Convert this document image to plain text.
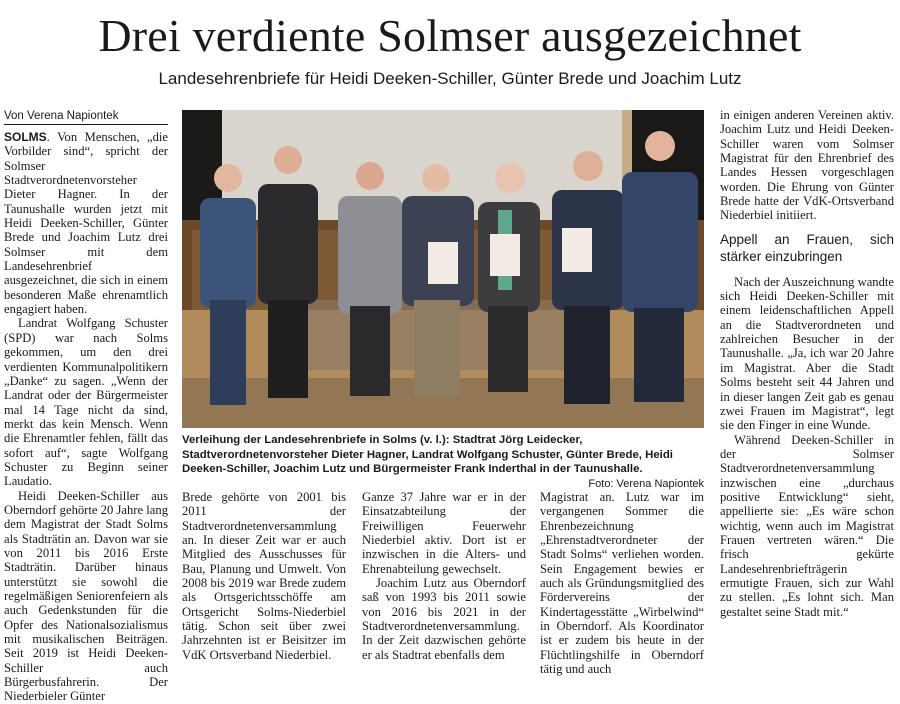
Drei verdiente Solmser ausgezeichnet
Landesehrenbriefe für Heidi Deeken-Schiller, Günter Brede und Joachim Lutz
Von Verena Napiontek

SOLMS. Von Menschen, „die Vorbilder sind“, spricht der Solmser Stadtverordnetenvorsteher Dieter Hagner. In der Taunushalle wurden jetzt mit Heidi Deeken-Schiller, Günter Brede und Joachim Lutz drei Solmser mit dem Landesehrenbrief ausgezeichnet, die sich in einem besonderen Maße ehrenamtlich engagiert haben.

Landrat Wolfgang Schuster (SPD) war nach Solms gekommen, um den drei verdienten Kommunalpolitikern „Danke“ zu sagen. „Wenn der Landrat oder der Bürgermeister mal 14 Tage nicht da sind, merkt das kein Mensch. Wenn die Ehrenamtler fehlen, fällt das sofort auf“, sagte Wolfgang Schuster zu Beginn seiner Laudatio.

Heidi Deeken-Schiller aus Oberndorf gehörte 20 Jahre lang dem Magistrat der Stadt Solms als Stadträtin an. Davon war sie von 2011 bis 2016 Erste Stadträtin. Darüber hinaus unterstützt sie sowohl die regelmäßigen Seniorenfeiern als auch Gedenkstunden für die Opfer des Nationalsozialismus mit musikalischen Beiträgen. Seit 2019 ist Heidi Deeken-Schiller auch Bürgerbusfahrerin. Der Niederbieler Günter

Verleihung der Landesehrenbriefe in Solms (v. l.): Stadtrat Jörg Leidecker, Stadtverordnetenvorsteher Dieter Hagner, Landrat Wolfgang Schuster, Günter Brede, Heidi Deeken-Schiller, Joachim Lutz und Bürgermeister Frank Inderthal in der Taunushalle.
Foto: Verena Napiontek

Brede gehörte von 2001 bis 2011 der Stadtverordnetenversammlung an. In dieser Zeit war er auch Mitglied des Ausschusses für Bau, Planung und Umwelt. Von 2008 bis 2019 war Brede zudem als Ortsgerichtsschöffe am Ortsgericht Solms-Niederbiel tätig. Schon seit über zwei Jahrzehnten ist er Beisitzer im VdK Ortsverband Niederbiel.

Ganze 37 Jahre war er in der Einsatzabteilung der Freiwilligen Feuerwehr Niederbiel aktiv. Dort ist er inzwischen in die Alters- und Ehrenabteilung gewechselt.

Joachim Lutz aus Oberndorf saß von 1993 bis 2011 sowie von 2016 bis 2021 in der Stadtverordnetenversammlung. In der Zeit dazwischen gehörte er als Stadtrat ebenfalls dem

Magistrat an. Lutz war im vergangenen Sommer die Ehrenbezeichnung „Ehrenstadtverordneter der Stadt Solms“ verliehen worden. Sein Engagement bewies er auch als Gründungsmitglied des Fördervereins der Kindertagesstätte „Wirbelwind“ in Oberndorf. Als Koordinator ist er zudem bis heute in der Flüchtlingshilfe in Oberndorf tätig und auch

in einigen anderen Vereinen aktiv. Joachim Lutz und Heidi Deeken-Schiller waren vom Solmser Magistrat für den Ehrenbrief des Landes Hessen vorgeschlagen worden. Die Ehrung von Günter Brede hatte der VdK-Ortsverband Niederbiel initiiert.

Appell an Frauen, sich stärker einzubringen

Nach der Auszeichnung wandte sich Heidi Deeken-Schiller mit einem leidenschaftlichen Appell an die Stadtverordneten und zahlreichen Besucher in der Taunushalle. „Ja, ich war 20 Jahre im Magistrat. Aber die Stadt Solms besteht seit 44 Jahren und in dieser langen Zeit gab es genau zwei Frauen im Magistrat“, legt sie den Finger in eine Wunde.

Während Deeken-Schiller in der Solmser Stadtverordnetenversammlung inzwischen eine „durchaus positive Entwicklung“ sieht, appellierte sie: „Es wäre schon wichtig, wenn auch im Magistrat Frauen vertreten wären.“ Die frisch gekürte Landesehrenbriefträgerin ermutigte Frauen, sich zur Wahl zu stellen. „Es lohnt sich. Man gestaltet seine Stadt mit.“
